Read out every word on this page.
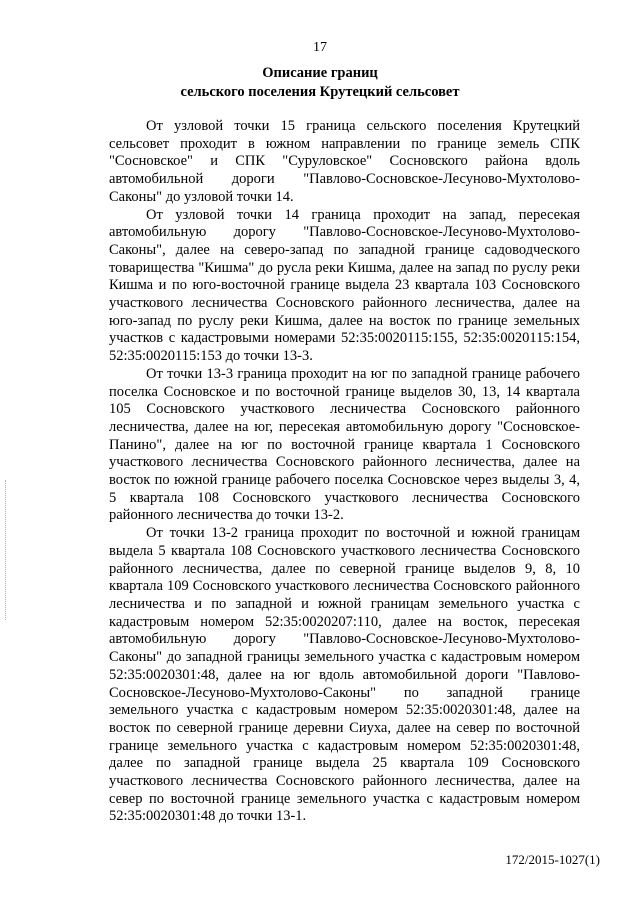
17
Описание границ
сельского поселения Крутецкий сельсовет

От узловой точки 15 граница сельского поселения Крутецкий сельсовет проходит в южном направлении по границе земель СПК "Сосновское" и СПК "Суруловское" Сосновского района вдоль автомобильной дороги "Павлово-Сосновское-Лесуново-Мухтолово-Саконы" до узловой точки 14.

От узловой точки 14 граница проходит на запад, пересекая автомобильную дорогу "Павлово-Сосновское-Лесуново-Мухтолово-Саконы", далее на северо-запад по западной границе садоводческого товарищества "Кишма" до русла реки Кишма, далее на запад по руслу реки Кишма и по юго-восточной границе выдела 23 квартала 103 Сосновского участкового лесничества Сосновского районного лесничества, далее на юго-запад по руслу реки Кишма, далее на восток по границе земельных участков с кадастровыми номерами 52:35:0020115:155, 52:35:0020115:154, 52:35:0020115:153 до точки 13-3.

От точки 13-3 граница проходит на юг по западной границе рабочего поселка Сосновское и по восточной границе выделов 30, 13, 14 квартала 105 Сосновского участкового лесничества Сосновского районного лесничества, далее на юг, пересекая автомобильную дорогу "Сосновское-Панино", далее на юг по восточной границе квартала 1 Сосновского участкового лесничества Сосновского районного лесничества, далее на восток по южной границе рабочего поселка Сосновское через выделы 3, 4, 5 квартала 108 Сосновского участкового лесничества Сосновского районного лесничества до точки 13-2.

От точки 13-2 граница проходит по восточной и южной границам выдела 5 квартала 108 Сосновского участкового лесничества Сосновского районного лесничества, далее по северной границе выделов 9, 8, 10 квартала 109 Сосновского участкового лесничества Сосновского районного лесничества и по западной и южной границам земельного участка с кадастровым номером 52:35:0020207:110, далее на восток, пересекая автомобильную дорогу "Павлово-Сосновское-Лесуново-Мухтолово-Саконы" до западной границы земельного участка с кадастровым номером 52:35:0020301:48, далее на юг вдоль автомобильной дороги "Павлово-Сосновское-Лесуново-Мухтолово-Саконы" по западной границе земельного участка с кадастровым номером 52:35:0020301:48, далее на восток по северной границе деревни Сиуха, далее на север по восточной границе земельного участка с кадастровым номером 52:35:0020301:48, далее по западной границе выдела 25 квартала 109 Сосновского участкового лесничества Сосновского районного лесничества, далее на север по восточной границе земельного участка с кадастровым номером 52:35:0020301:48 до точки 13-1.

172/2015-1027(1)
